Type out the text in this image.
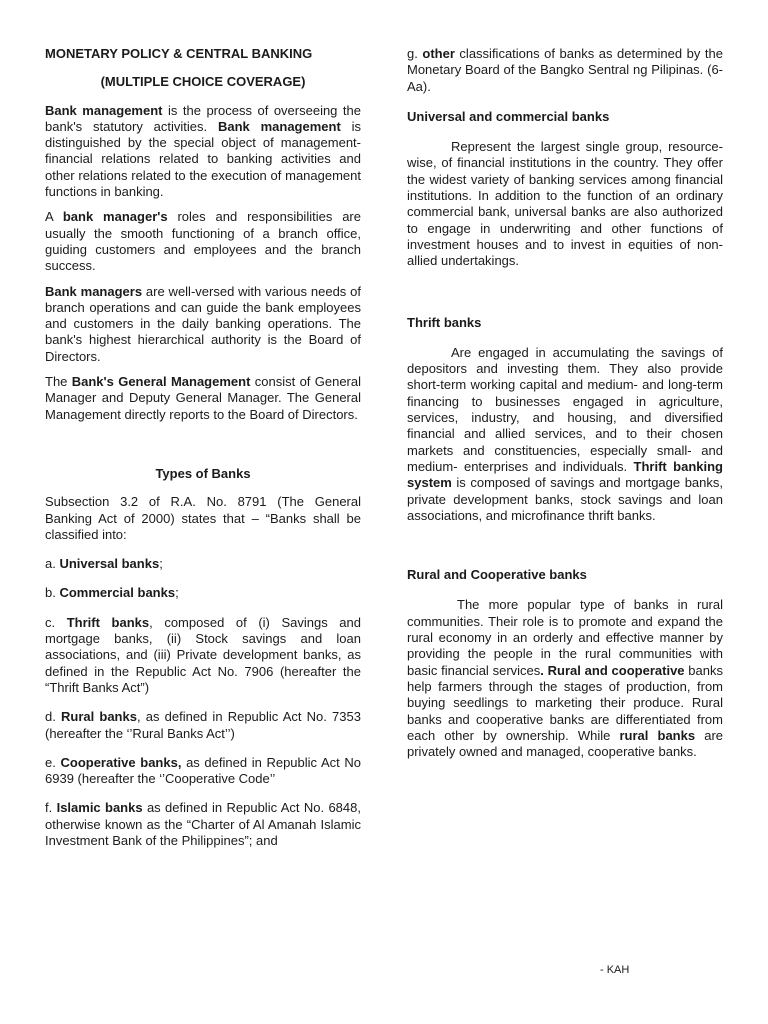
MONETARY POLICY & CENTRAL BANKING

(MULTIPLE CHOICE COVERAGE)

Bank management is the process of overseeing the bank's statutory activities. Bank management is distinguished by the special object of management-financial relations related to banking activities and other relations related to the execution of management functions in banking.

A bank manager's roles and responsibilities are usually the smooth functioning of a branch office, guiding customers and employees and the branch success.

Bank managers are well-versed with various needs of branch operations and can guide the bank employees and customers in the daily banking operations. The bank's highest hierarchical authority is the Board of Directors.

The Bank's General Management consist of General Manager and Deputy General Manager. The General Management directly reports to the Board of Directors.

Types of Banks

Subsection 3.2 of R.A. No. 8791 (The General Banking Act of 2000) states that – “Banks shall be classified into:

a. Universal banks;

b. Commercial banks;

c. Thrift banks, composed of (i) Savings and mortgage banks, (ii) Stock savings and loan associations, and (iii) Private development banks, as defined in the Republic Act No. 7906 (hereafter the “Thrift Banks Act”)

d. Rural banks, as defined in Republic Act No. 7353 (hereafter the ‘’Rural Banks Act’’)

e. Cooperative banks, as defined in Republic Act No 6939 (hereafter the ‘’Cooperative Code’’

f. Islamic banks as defined in Republic Act No. 6848, otherwise known as the “Charter of Al Amanah Islamic Investment Bank of the Philippines”; and

g. other classifications of banks as determined by the Monetary Board of the Bangko Sentral ng Pilipinas. (6-Aa).

Universal and commercial banks

Represent the largest single group, resource-wise, of financial institutions in the country. They offer the widest variety of banking services among financial institutions. In addition to the function of an ordinary commercial bank, universal banks are also authorized to engage in underwriting and other functions of investment houses and to invest in equities of non-allied undertakings.

Thrift banks

Are engaged in accumulating the savings of depositors and investing them. They also provide short-term working capital and medium- and long-term financing to businesses engaged in agriculture, services, industry, and housing, and diversified financial and allied services, and to their chosen markets and constituencies, especially small- and medium- enterprises and individuals. Thrift banking system is composed of savings and mortgage banks, private development banks, stock savings and loan associations, and microfinance thrift banks.

Rural and Cooperative banks

The more popular type of banks in rural communities. Their role is to promote and expand the rural economy in an orderly and effective manner by providing the people in the rural communities with basic financial services. Rural and cooperative banks help farmers through the stages of production, from buying seedlings to marketing their produce. Rural banks and cooperative banks are differentiated from each other by ownership. While rural banks are privately owned and managed, cooperative banks.

- KAH
